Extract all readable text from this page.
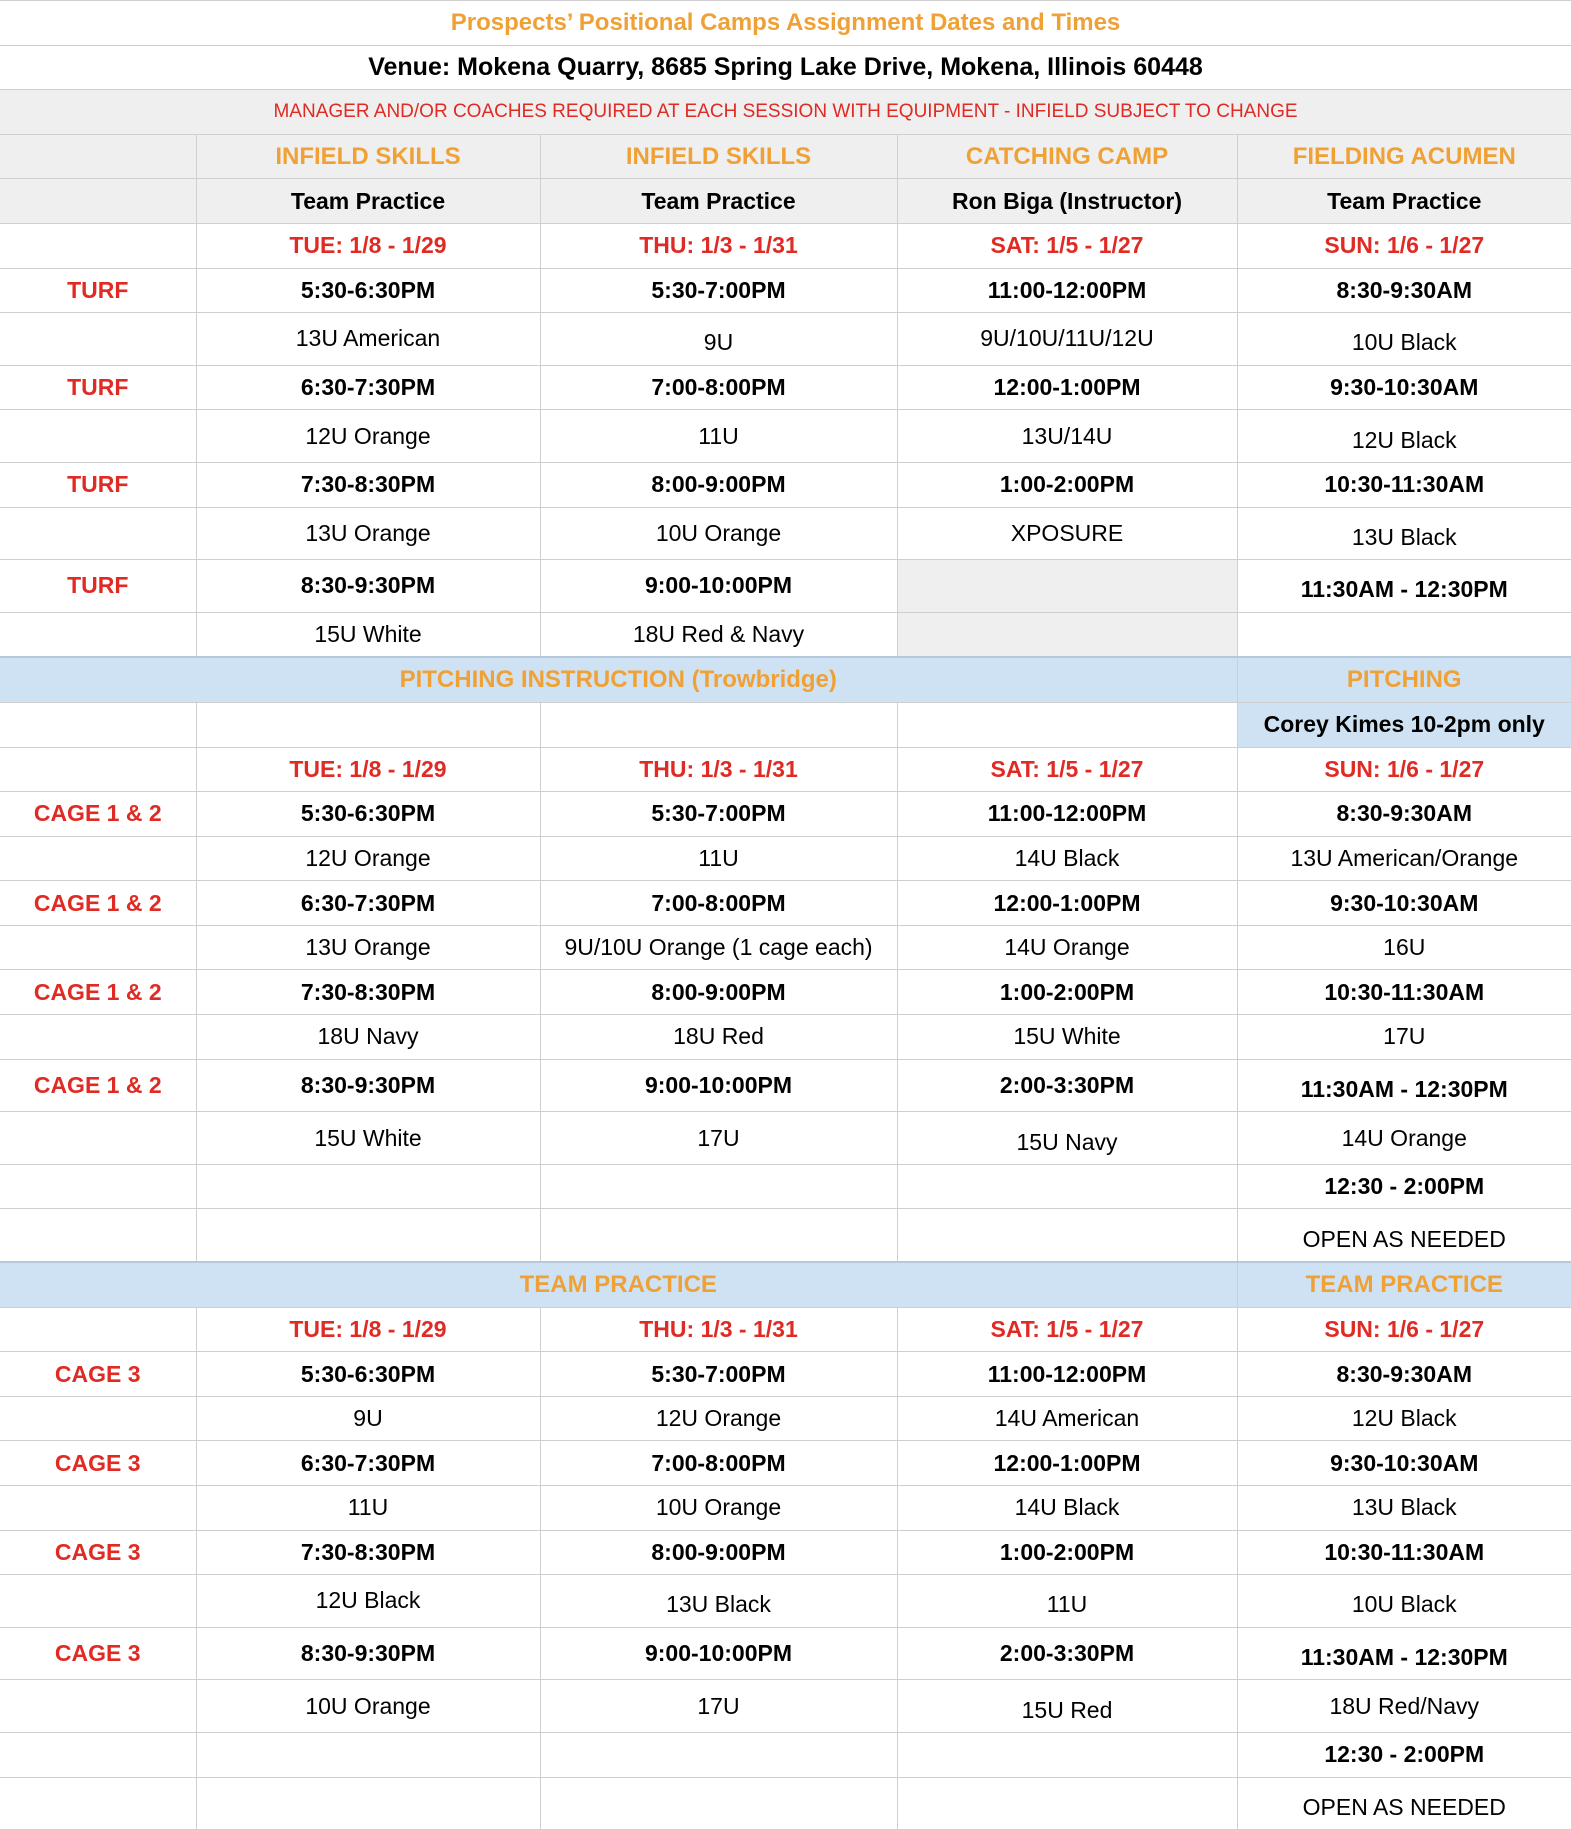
Prospects’ Positional Camps Assignment Dates and Times				
Venue: Mokena Quarry, 8685 Spring Lake Drive, Mokena, Illinois 60448				
MANAGER AND/OR COACHES REQUIRED AT EACH SESSION WITH EQUIPMENT - INFIELD SUBJECT TO CHANGE				
	INFIELD SKILLS	INFIELD SKILLS	CATCHING CAMP	FIELDING ACUMEN
	Team Practice	Team Practice	Ron Biga (Instructor)	Team Practice
	TUE: 1/8 - 1/29	THU: 1/3 - 1/31	SAT: 1/5 - 1/27	SUN: 1/6 - 1/27
TURF	5:30-6:30PM	5:30-7:00PM	11:00-12:00PM	8:30-9:30AM
	13U American	9U	9U/10U/11U/12U	10U Black
TURF	6:30-7:30PM	7:00-8:00PM	12:00-1:00PM	9:30-10:30AM
	12U Orange	11U	13U/14U	12U Black
TURF	7:30-8:30PM	8:00-9:00PM	1:00-2:00PM	10:30-11:30AM
	13U Orange	10U Orange	XPOSURE	13U Black
TURF	8:30-9:30PM	9:00-10:00PM		11:30AM - 12:30PM
	15U White	18U Red & Navy		
PITCHING INSTRUCTION (Trowbridge)				PITCHING
				Corey Kimes 10-2pm only
	TUE: 1/8 - 1/29	THU: 1/3 - 1/31	SAT: 1/5 - 1/27	SUN: 1/6 - 1/27
CAGE 1 & 2	5:30-6:30PM	5:30-7:00PM	11:00-12:00PM	8:30-9:30AM
	12U Orange	11U	14U Black	13U American/Orange
CAGE 1 & 2	6:30-7:30PM	7:00-8:00PM	12:00-1:00PM	9:30-10:30AM
	13U Orange	9U/10U Orange (1 cage each)	14U Orange	16U
CAGE 1 & 2	7:30-8:30PM	8:00-9:00PM	1:00-2:00PM	10:30-11:30AM
	18U Navy	18U Red	15U White	17U
CAGE 1 & 2	8:30-9:30PM	9:00-10:00PM	2:00-3:30PM	11:30AM - 12:30PM
	15U White	17U	15U Navy	14U Orange
				12:30 - 2:00PM
				OPEN AS NEEDED
TEAM PRACTICE				TEAM PRACTICE
	TUE: 1/8 - 1/29	THU: 1/3 - 1/31	SAT: 1/5 - 1/27	SUN: 1/6 - 1/27
CAGE 3	5:30-6:30PM	5:30-7:00PM	11:00-12:00PM	8:30-9:30AM
	9U	12U Orange	14U American	12U Black
CAGE 3	6:30-7:30PM	7:00-8:00PM	12:00-1:00PM	9:30-10:30AM
	11U	10U Orange	14U Black	13U Black
CAGE 3	7:30-8:30PM	8:00-9:00PM	1:00-2:00PM	10:30-11:30AM
	12U Black	13U Black	11U	10U Black
CAGE 3	8:30-9:30PM	9:00-10:00PM	2:00-3:30PM	11:30AM - 12:30PM
	10U Orange	17U	15U Red	18U Red/Navy
				12:30 - 2:00PM
				OPEN AS NEEDED
